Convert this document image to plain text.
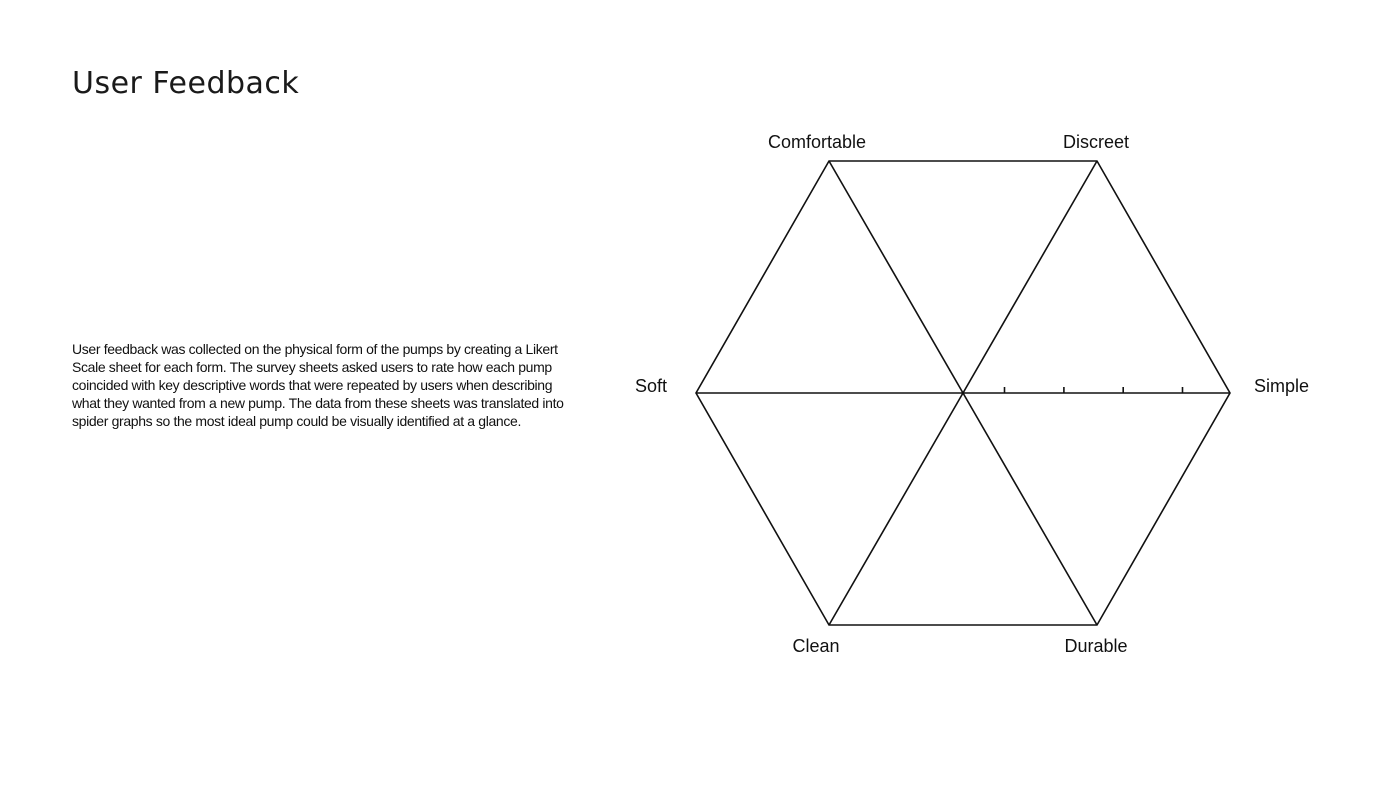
User Feedback

User feedback was collected on the physical form of the pumps by creating a Likert Scale sheet for each form. The survey sheets asked users to rate how each pump coincided with key descriptive words that were repeated by users when describing what they wanted from a new pump. The data from these sheets was translated into spider graphs so the most ideal pump could be visually identified at a glance.

Comfortable	Discreet
Simple
Durable
Clean
Soft
